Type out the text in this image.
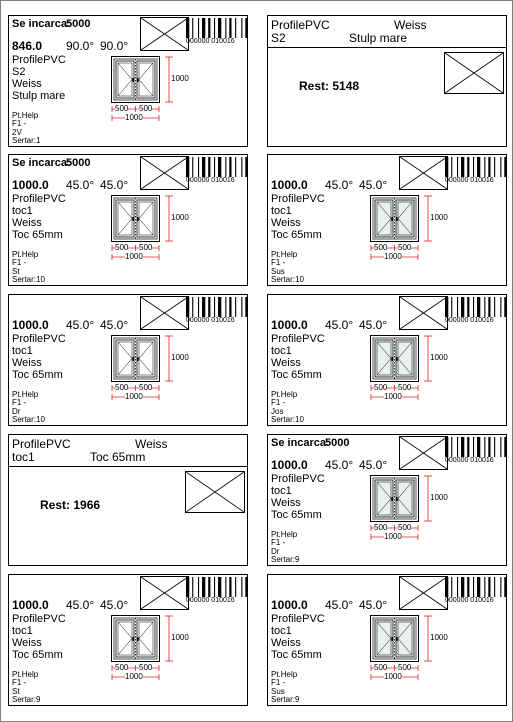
Se incarca:
5000
846.0 90.0° 90.0°	000000 010016
ProfilePVC
S2
Weiss
Stulp mare
1000
500 500
1000
Pt.Help
F1 -
2V
Sertar:1
ProfilePVC	Weiss
S2	Stulp mare
Rest: 5148
Se incarca:
5000
1000.0 45.0° 45.0°	000000 010016
ProfilePVC
toc1
Weiss
Toc 65mm
1000
500 500
1000
Pt.Help
F1 -
St
Sertar:10
1000.0 45.0° 45.0°	000000 010016
ProfilePVC
toc1
Weiss
Toc 65mm
1000
500 500
1000
Pt.Help
F1 -
Sus
Sertar:10
1000.0 45.0° 45.0°	000000 010016
ProfilePVC
toc1
Weiss
Toc 65mm
1000
500 500
1000
Pt.Help
F1 -
Dr
Sertar:10
1000.0 45.0° 45.0°	000000 010016
ProfilePVC
toc1
Weiss
Toc 65mm
1000
500 500
1000
Pt.Help
F1 -
Jos
Sertar:10
ProfilePVC	Weiss
toc1	Toc 65mm
Rest: 1966
Se incarca:
5000
1000.0 45.0° 45.0°	000000 010016
ProfilePVC
toc1
Weiss
Toc 65mm
1000
500 500
1000
Pt.Help
F1 -
Dr
Sertar:9
1000.0 45.0° 45.0°	000000 010016
ProfilePVC
toc1
Weiss
Toc 65mm
1000
500 500
1000
Pt.Help
F1 -
St
Sertar:9
1000.0 45.0° 45.0°	000000 010016
ProfilePVC
toc1
Weiss
Toc 65mm
1000
500 500
1000
Pt.Help
F1 -
Sus
Sertar:9
